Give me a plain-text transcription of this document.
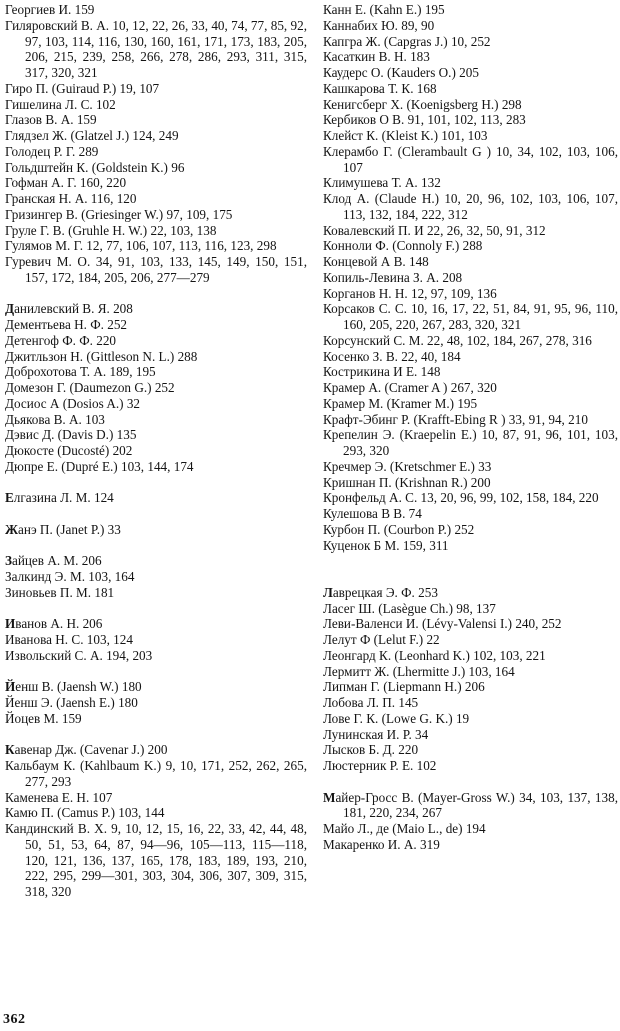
Георгиев И. 159
Гиляровский В. А. 10, 12, 22, 26, 33, 40, 74, 77, 85, 92, 97, 103, 114, 116, 130, 160, 161, 171, 173, 183, 205, 206, 215, 239, 258, 266, 278, 286, 293, 311, 315, 317, 320, 321
Гиро П. (Guiraud P.) 19, 107
Гишелина Л. С. 102
Глазов В. А. 159
Глядзел Ж. (Glatzel J.) 124, 249
Голодец Р. Г. 289
Гольдштейн К. (Goldstein K.) 96
Гофман А. Г. 160, 220
Гранская Н. А. 116, 120
Гризингер В. (Griesinger W.) 97, 109, 175
Груле Г. В. (Gruhle H. W.) 22, 103, 138
Гулямов М. Г. 12, 77, 106, 107, 113, 116, 123, 298
Гуревич М. О. 34, 91, 103, 133, 145, 149, 150, 151, 157, 172, 184, 205, 206, 277—279
Данилевский В. Я. 208
Дементьева Н. Ф. 252
Детенгоф Ф. Ф. 220
Джитльзон Н. (Gittleson N. L.) 288
Доброхотова Т. А. 189, 195
Домезон Г. (Daumezon G.) 252
Досиос А (Dosios A.) 32
Дьякова В. А. 103
Дэвис Д. (Davis D.) 135
Дюкосте (Ducosté) 202
Дюпре Е. (Dupré E.) 103, 144, 174
Елгазина Л. М. 124
Жанэ П. (Janet P.) 33
Зайцев А. М. 206
Залкинд Э. М. 103, 164
Зиновьев П. М. 181
Иванов А. Н. 206
Иванова Н. С. 103, 124
Извольский С. А. 194, 203
Йенш В. (Jaensh W.) 180
Йенш Э. (Jaensh E.) 180
Йоцев М. 159
Кавенар Дж. (Cavenar J.) 200
Кальбаум К. (Kahlbaum K.) 9, 10, 171, 252, 262, 265, 277, 293
Каменева Е. Н. 107
Камю П. (Camus P.) 103, 144
Кандинский В. Х. 9, 10, 12, 15, 16, 22, 33, 42, 44, 48, 50, 51, 53, 64, 87, 94—96, 105—113, 115—118, 120, 121, 136, 137, 165, 178, 183, 189, 193, 210, 222, 295, 299—301, 303, 304, 306, 307, 309, 315, 318, 320
Канн Е. (Kahn E.) 195
Каннабих Ю. 89, 90
Капгра Ж. (Capgras J.) 10, 252
Касаткин В. Н. 183
Каудерс О. (Kauders O.) 205
Кашкарова Т. К. 168
Кенигсберг Х. (Koenigsberg H.) 298
Кербиков О В. 91, 101, 102, 113, 283
Клейст К. (Kleist K.) 101, 103
Клерамбо Г. (Clerambault G ) 10, 34, 102, 103, 106, 107
Климушева Т. А. 132
Клод А. (Claude H.) 10, 20, 96, 102, 103, 106, 107, 113, 132, 184, 222, 312
Ковалевский П. И 22, 26, 32, 50, 91, 312
Конноли Ф. (Connoly F.) 288
Концевой А В. 148
Копиль-Левина З. А. 208
Корганов Н. Н. 12, 97, 109, 136
Корсаков С. С. 10, 16, 17, 22, 51, 84, 91, 95, 96, 110, 160, 205, 220, 267, 283, 320, 321
Корсунский С. М. 22, 48, 102, 184, 267, 278, 316
Косенко З. В. 22, 40, 184
Кострикина И Е. 148
Крамер А. (Cramer A ) 267, 320
Крамер М. (Kramer M.) 195
Крафт-Эбинг Р. (Krafft-Ebing R ) 33, 91, 94, 210
Крепелин Э. (Kraepelin E.) 10, 87, 91, 96, 101, 103, 293, 320
Кречмер Э. (Kretschmer E.) 33
Кришнан П. (Krishnan R.) 200
Кронфельд А. С. 13, 20, 96, 99, 102, 158, 184, 220
Кулешова В В. 74
Курбон П. (Courbon P.) 252
Куценок Б М. 159, 311
Лаврецкая Э. Ф. 253
Ласег Ш. (Lasègue Ch.) 98, 137
Леви-Валенси И. (Lévy-Valensi I.) 240, 252
Лелут Ф (Lelut F.) 22
Леонгард К. (Leonhard K.) 102, 103, 221
Лермитт Ж. (Lhermitte J.) 103, 164
Липман Г. (Liepmann H.) 206
Лобова Л. П. 145
Лове Г. К. (Lowe G. K.) 19
Лунинская И. Р. 34
Лысков Б. Д. 220
Люстерник Р. Е. 102
Майер-Гросс В. (Mayer-Gross W.) 34, 103, 137, 138, 181, 220, 234, 267
Майо Л., де (Maio L., de) 194
Макаренко И. А. 319
362
